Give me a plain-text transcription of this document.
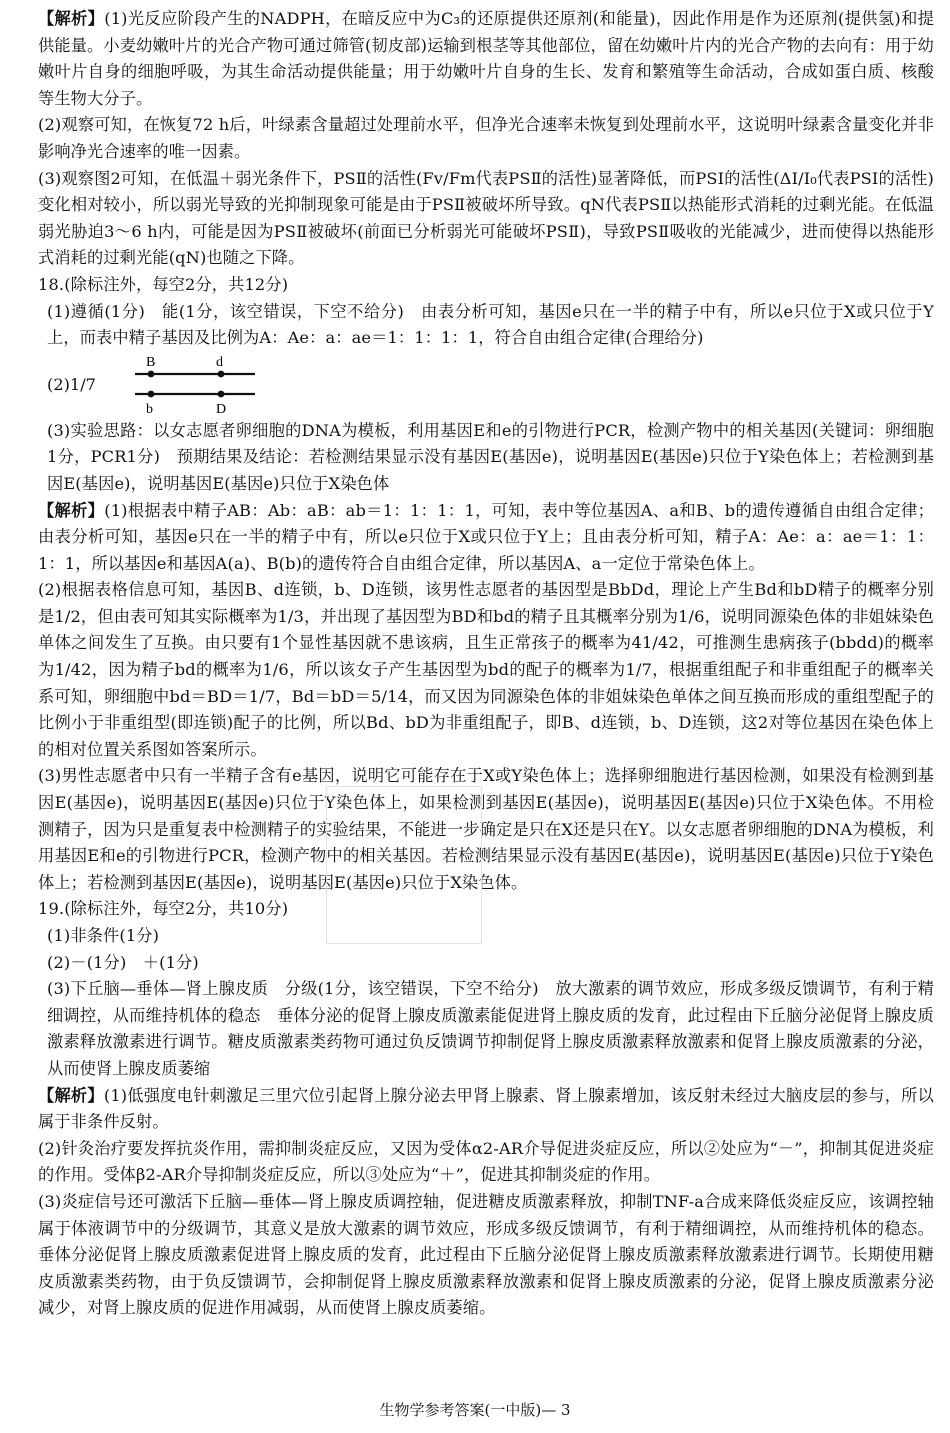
【解析】(1)光反应阶段产生的NADPH，在暗反应中为C₃的还原提供还原剂(和能量)，因此作用是作为还原剂(提供氢)和提供能量。小麦幼嫩叶片的光合产物可通过筛管(韧皮部)运输到根茎等其他部位，留在幼嫩叶片内的光合产物的去向有：用于幼嫩叶片自身的细胞呼吸，为其生命活动提供能量；用于幼嫩叶片自身的生长、发育和繁殖等生命活动，合成如蛋白质、核酸等生物大分子。

(2)观察可知，在恢复72 h后，叶绿素含量超过处理前水平，但净光合速率未恢复到处理前水平，这说明叶绿素含量变化并非影响净光合速率的唯一因素。

(3)观察图2可知，在低温＋弱光条件下，PSⅡ的活性(Fv/Fm代表PSⅡ的活性)显著降低，而PSⅠ的活性(ΔI/I₀代表PSⅠ的活性)变化相对较小，所以弱光导致的光抑制现象可能是由于PSⅡ被破坏所导致。qN代表PSⅡ以热能形式消耗的过剩光能。在低温弱光胁迫3～6 h内，可能是因为PSⅡ被破坏(前面已分析弱光可能破坏PSⅡ)，导致PSⅡ吸收的光能减少，进而使得以热能形式消耗的过剩光能(qN)也随之下降。

18.(除标注外，每空2分，共12分)

(1)遵循(1分)　能(1分，该空错误，下空不给分)　由表分析可知，基因e只在一半的精子中有，所以e只位于X或只位于Y上，而表中精子基因及比例为A：Ae：a：ae＝1：1：1：1，符合自由组合定律(合理给分)

(2)1/7
B	d
b	D

(3)实验思路：以女志愿者卵细胞的DNA为模板，利用基因E和e的引物进行PCR，检测产物中的相关基因(关键词：卵细胞1分，PCR1分)　预期结果及结论：若检测结果显示没有基因E(基因e)，说明基因E(基因e)只位于Y染色体上；若检测到基因E(基因e)，说明基因E(基因e)只位于X染色体

【解析】(1)根据表中精子AB：Ab：aB：ab＝1：1：1：1，可知，表中等位基因A、a和B、b的遗传遵循自由组合定律；由表分析可知，基因e只在一半的精子中有，所以e只位于X或只位于Y上；且由表分析可知，精子A：Ae：a：ae＝1：1：1：1，所以基因e和基因A(a)、B(b)的遗传符合自由组合定律，所以基因A、a一定位于常染色体上。

(2)根据表格信息可知，基因B、d连锁，b、D连锁，该男性志愿者的基因型是BbDd，理论上产生Bd和bD精子的概率分别是1/2，但由表可知其实际概率为1/3，并出现了基因型为BD和bd的精子且其概率分别为1/6，说明同源染色体的非姐妹染色单体之间发生了互换。由只要有1个显性基因就不患该病，且生正常孩子的概率为41/42，可推测生患病孩子(bbdd)的概率为1/42，因为精子bd的概率为1/6，所以该女子产生基因型为bd的配子的概率为1/7，根据重组配子和非重组配子的概率关系可知，卵细胞中bd＝BD＝1/7，Bd＝bD＝5/14，而又因为同源染色体的非姐妹染色单体之间互换而形成的重组型配子的比例小于非重组型(即连锁)配子的比例，所以Bd、bD为非重组配子，即B、d连锁，b、D连锁，这2对等位基因在染色体上的相对位置关系图如答案所示。

(3)男性志愿者中只有一半精子含有e基因，说明它可能存在于X或Y染色体上；选择卵细胞进行基因检测，如果没有检测到基因E(基因e)，说明基因E(基因e)只位于Y染色体上，如果检测到基因E(基因e)，说明基因E(基因e)只位于X染色体。不用检测精子，因为只是重复表中检测精子的实验结果，不能进一步确定是只在X还是只在Y。以女志愿者卵细胞的DNA为模板，利用基因E和e的引物进行PCR，检测产物中的相关基因。若检测结果显示没有基因E(基因e)，说明基因E(基因e)只位于Y染色体上；若检测到基因E(基因e)，说明基因E(基因e)只位于X染色体。

19.(除标注外，每空2分，共10分)

(1)非条件(1分)

(2)－(1分)　＋(1分)

(3)下丘脑—垂体—肾上腺皮质　分级(1分，该空错误，下空不给分)　放大激素的调节效应，形成多级反馈调节，有利于精细调控，从而维持机体的稳态　垂体分泌的促肾上腺皮质激素能促进肾上腺皮质的发育，此过程由下丘脑分泌促肾上腺皮质激素释放激素进行调节。糖皮质激素类药物可通过负反馈调节抑制促肾上腺皮质激素释放激素和促肾上腺皮质激素的分泌，从而使肾上腺皮质萎缩

【解析】(1)低强度电针刺激足三里穴位引起肾上腺分泌去甲肾上腺素、肾上腺素增加，该反射未经过大脑皮层的参与，所以属于非条件反射。

(2)针灸治疗要发挥抗炎作用，需抑制炎症反应，又因为受体α2-AR介导促进炎症反应，所以②处应为“－”，抑制其促进炎症的作用。受体β2-AR介导抑制炎症反应，所以③处应为“＋”，促进其抑制炎症的作用。

(3)炎症信号还可激活下丘脑—垂体—肾上腺皮质调控轴，促进糖皮质激素释放，抑制TNF-a合成来降低炎症反应，该调控轴属于体液调节中的分级调节，其意义是放大激素的调节效应，形成多级反馈调节，有利于精细调控，从而维持机体的稳态。垂体分泌促肾上腺皮质激素促进肾上腺皮质的发育，此过程由下丘脑分泌促肾上腺皮质激素释放激素进行调节。长期使用糖皮质激素类药物，由于负反馈调节，会抑制促肾上腺皮质激素释放激素和促肾上腺皮质激素的分泌，促肾上腺皮质激素分泌减少，对肾上腺皮质的促进作用减弱，从而使肾上腺皮质萎缩。

生物学参考答案(一中版)— 3
